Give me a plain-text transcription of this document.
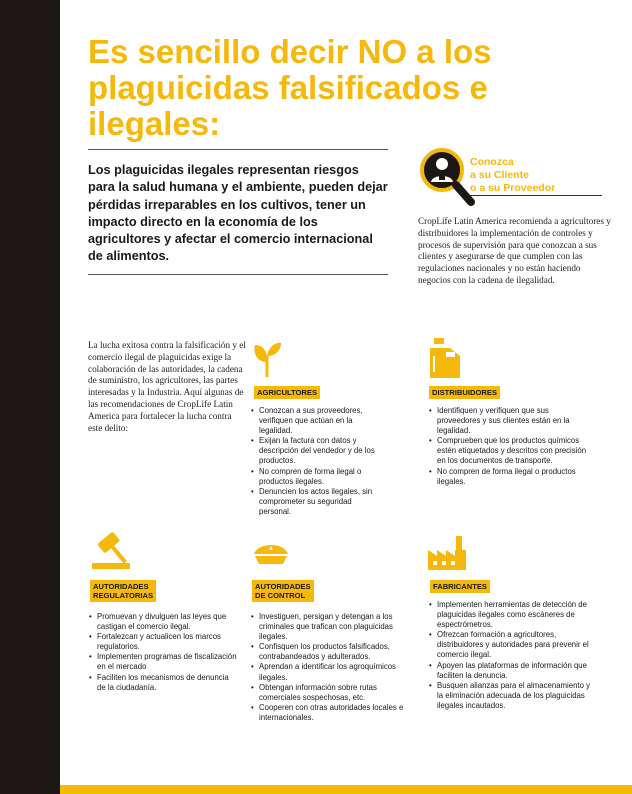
Es sencillo decir NO a los plaguicidas falsificados e ilegales:

Los plaguicidas ilegales representan riesgos para la salud humana y el ambiente, pueden dejar pérdidas irreparables en los cultivos, tener un impacto directo en la economía de los agricultores y afectar el comercio internacional de alimentos.

Conozca
a su Cliente
o a su Proveedor

CropLife Latin America recomienda a agricultores y distribuidores la implementación de controles y procesos de supervisión para que conozcan a sus clientes y asegurarse de que cumplen con las regulaciones nacionales y no están haciendo negocios con la cadena de ilegalidad.

La lucha exitosa contra la falsificación y el comercio ilegal de plaguicidas exige la colaboración de las autoridades, la cadena de suministro, los agricultores, las partes interesadas y la Industria. Aquí algunas de las recomendaciones de CropLife Latin America para fortalecer la lucha contra este delito:

AGRICULTORES
• Conozcan a sus proveedores, verifiquen que actúan en la legalidad.
• Exijan la factura con datos y descripción del vendedor y de los productos.
• No compren de forma ilegal o productos ilegales.
• Denuncien los actos ilegales, sin comprometer su seguridad personal.
DISTRIBUIDORES
• Identifiquen y verifiquen que sus proveedores y sus clientes están en la legalidad.
• Comprueben que los productos químicos estén etiquetados y descritos con precisión en los documentos de transporte.
• No compren de forma ilegal o productos ilegales.
AUTORIDADES
REGULATORIAS
• Promuevan y divulguen las leyes que castigan el comercio ilegal.
• Fortalezcan y actualicen los marcos regulatorios.
• Implementen programas de fiscalización en el mercado
• Faciliten los mecanismos de denuncia de la ciudadanía.
AUTORIDADES
DE CONTROL
• Investiguen, persigan y detengan a los criminales que trafican con plaguicidas ilegales.
• Confisquen los productos falsificados, contrabandeados y adulterados.
• Aprendan a identificar los agroquímicos ilegales.
• Obtengan información sobre rutas comerciales sospechosas, etc.
• Cooperen con otras autoridades locales e internacionales.
FABRICANTES
• Implementen herramientas de detección de plaguicidas ilegales como escáneres de espectrómetros.
• Ofrezcan formación a agricultores, distribuidores y autoridades para prevenir el comercio ilegal.
• Apoyen las plataformas de información que faciliten la denuncia.
• Busquen alianzas para el almacenamiento y la eliminación adecuada de los plaguicidas ilegales incautados.
